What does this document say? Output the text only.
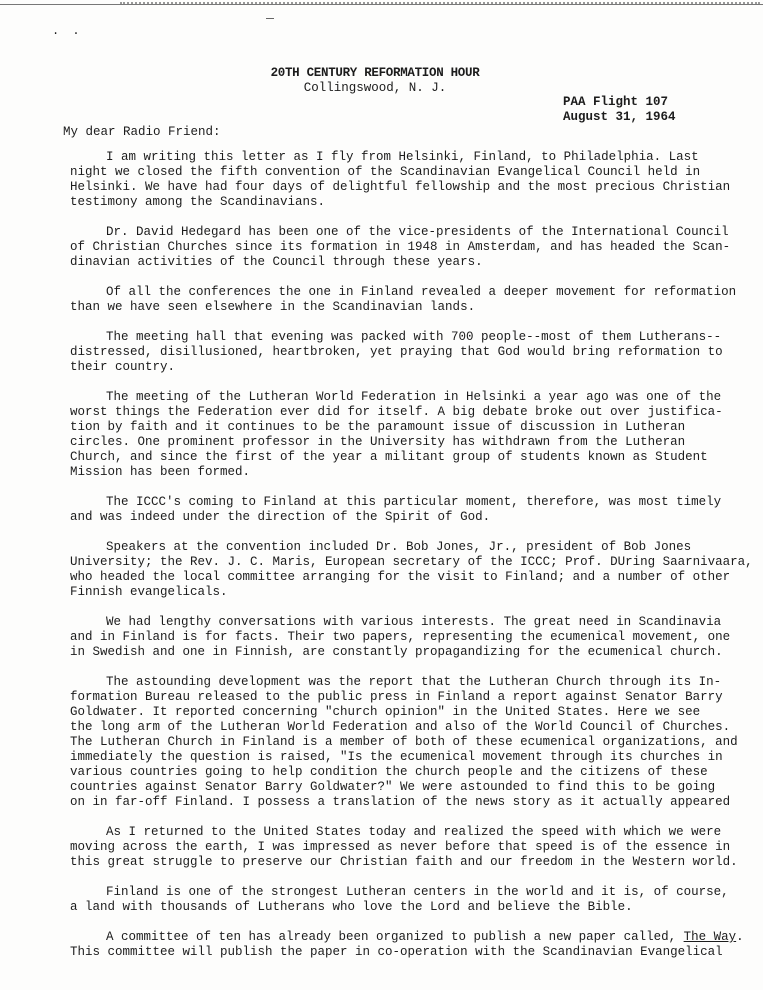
. .
20TH CENTURY REFORMATION HOUR
Collingswood, N. J.
PAA Flight 107
August 31, 1964
My dear Radio Friend:

I am writing this letter as I fly from Helsinki, Finland, to Philadelphia. Last
night we closed the fifth convention of the Scandinavian Evangelical Council held in
Helsinki. We have had four days of delightful fellowship and the most precious Christian
testimony among the Scandinavians.

Dr. David Hedegard has been one of the vice-presidents of the International Council
of Christian Churches since its formation in 1948 in Amsterdam, and has headed the Scan-
dinavian activities of the Council through these years.

Of all the conferences the one in Finland revealed a deeper movement for reformation
than we have seen elsewhere in the Scandinavian lands.

The meeting hall that evening was packed with 700 people--most of them Lutherans--
distressed, disillusioned, heartbroken, yet praying that God would bring reformation to
their country.

The meeting of the Lutheran World Federation in Helsinki a year ago was one of the
worst things the Federation ever did for itself. A big debate broke out over justifica-
tion by faith and it continues to be the paramount issue of discussion in Lutheran
circles. One prominent professor in the University has withdrawn from the Lutheran
Church, and since the first of the year a militant group of students known as Student
Mission has been formed.

The ICCC's coming to Finland at this particular moment, therefore, was most timely
and was indeed under the direction of the Spirit of God.

Speakers at the convention included Dr. Bob Jones, Jr., president of Bob Jones
University; the Rev. J. C. Maris, European secretary of the ICCC; Prof. DUring Saarnivaara,
who headed the local committee arranging for the visit to Finland; and a number of other
Finnish evangelicals.

We had lengthy conversations with various interests. The great need in Scandinavia
and in Finland is for facts. Their two papers, representing the ecumenical movement, one
in Swedish and one in Finnish, are constantly propagandizing for the ecumenical church.

The astounding development was the report that the Lutheran Church through its In-
formation Bureau released to the public press in Finland a report against Senator Barry
Goldwater. It reported concerning "church opinion" in the United States. Here we see
the long arm of the Lutheran World Federation and also of the World Council of Churches.
The Lutheran Church in Finland is a member of both of these ecumenical organizations, and
immediately the question is raised, "Is the ecumenical movement through its churches in
various countries going to help condition the church people and the citizens of these
countries against Senator Barry Goldwater?" We were astounded to find this to be going
on in far-off Finland. I possess a translation of the news story as it actually appeared

As I returned to the United States today and realized the speed with which we were
moving across the earth, I was impressed as never before that speed is of the essence in
this great struggle to preserve our Christian faith and our freedom in the Western world.

Finland is one of the strongest Lutheran centers in the world and it is, of course,
a land with thousands of Lutherans who love the Lord and believe the Bible.

A committee of ten has already been organized to publish a new paper called, The Way.
This committee will publish the paper in co-operation with the Scandinavian Evangelical
